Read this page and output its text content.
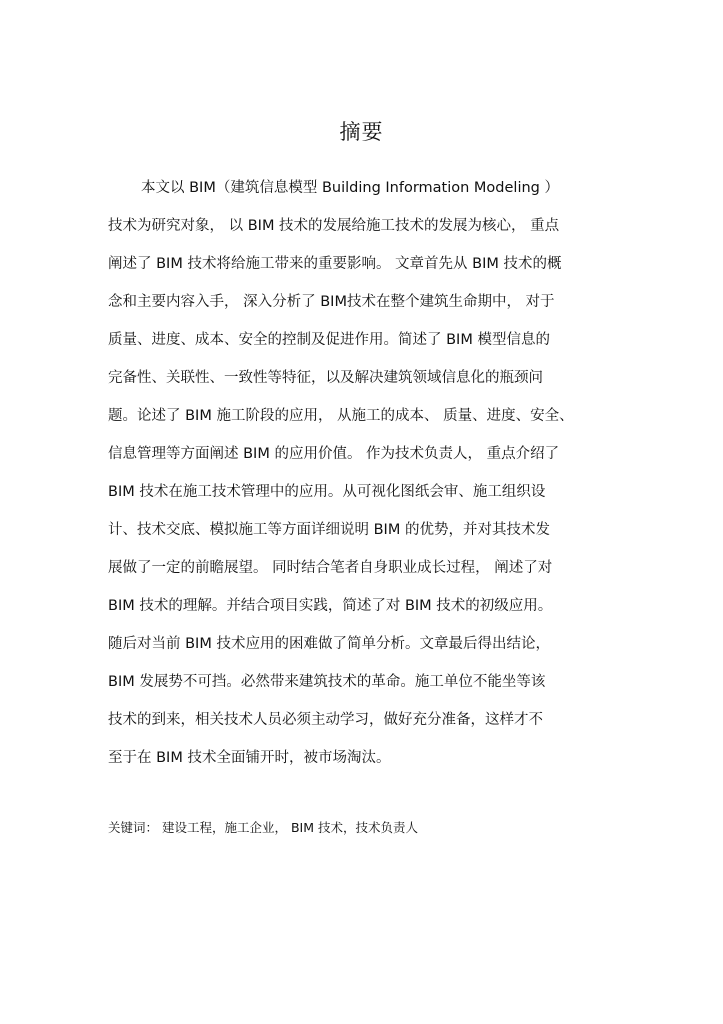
摘要
本文以 BIM（建筑信息模型 Building Information Modeling ）
技术为研究对象， 以 BIM 技术的发展给施工技术的发展为核心， 重点
阐述了 BIM 技术将给施工带来的重要影响。 文章首先从 BIM 技术的概
念和主要内容入手， 深入分析了 BIM技术在整个建筑生命期中， 对于
质量、进度、成本、安全的控制及促进作用。简述了 BIM 模型信息的
完备性、关联性、一致性等特征，以及解决建筑领域信息化的瓶颈问
题。论述了 BIM 施工阶段的应用， 从施工的成本、 质量、进度、安全、
信息管理等方面阐述 BIM 的应用价值。 作为技术负责人， 重点介绍了
BIM 技术在施工技术管理中的应用。从可视化图纸会审、施工组织设
计、技术交底、模拟施工等方面详细说明 BIM 的优势，并对其技术发
展做了一定的前瞻展望。 同时结合笔者自身职业成长过程， 阐述了对
BIM 技术的理解。并结合项目实践，简述了对 BIM 技术的初级应用。
随后对当前 BIM 技术应用的困难做了简单分析。文章最后得出结论，
BIM 发展势不可挡。必然带来建筑技术的革命。施工单位不能坐等该
技术的到来，相关技术人员必须主动学习，做好充分准备，这样才不
至于在 BIM 技术全面铺开时，被市场淘汰。
关键词： 建设工程，施工企业， BIM 技术，技术负责人
